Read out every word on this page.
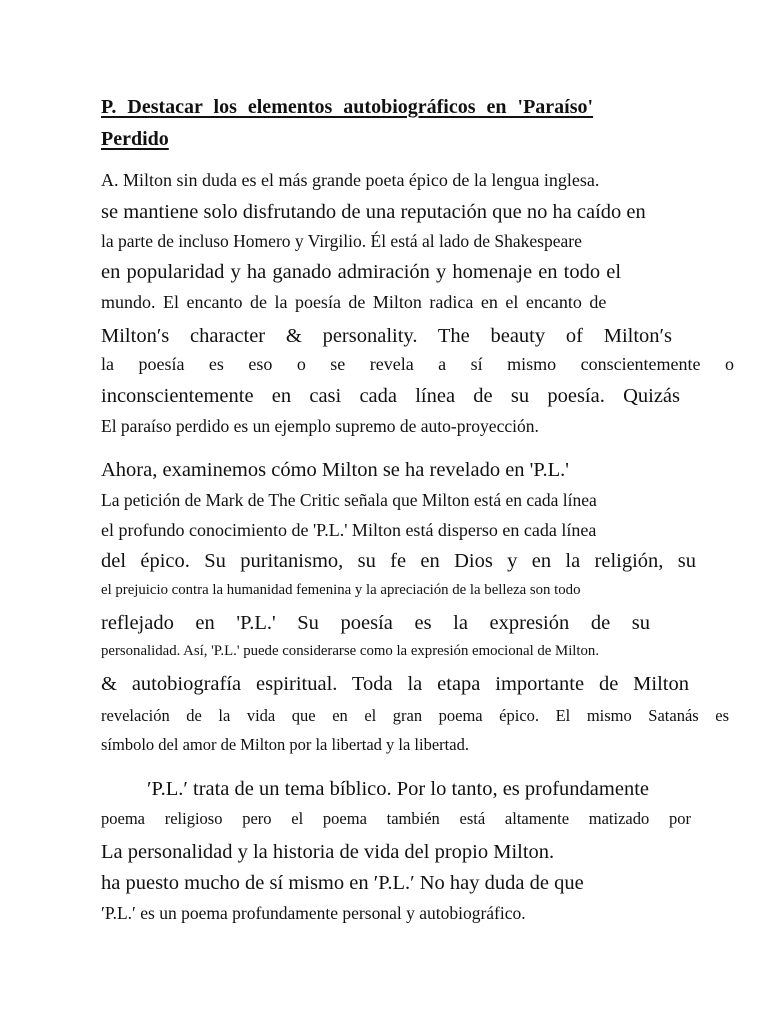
P. Destacar los elementos autobiográficos en 'Paraíso'
Perdido
A. Milton sin duda es el más grande poeta épico de la lengua inglesa.
se mantiene solo disfrutando de una reputación que no ha caído en
la parte de incluso Homero y Virgilio. Él está al lado de Shakespeare
en popularidad y ha ganado admiración y homenaje en todo el
mundo. El encanto de la poesía de Milton radica en el encanto de
Milton′s character & personality. The beauty of Milton′s
la poesía es eso o se revela a sí mismo conscientemente o
inconscientemente en casi cada línea de su poesía. Quizás
El paraíso perdido es un ejemplo supremo de auto-proyección.
Ahora, examinemos cómo Milton se ha revelado en 'P.L.'
La petición de Mark de The Critic señala que Milton está en cada línea
el profundo conocimiento de 'P.L.' Milton está disperso en cada línea
del épico. Su puritanismo, su fe en Dios y en la religión, su
el prejuicio contra la humanidad femenina y la apreciación de la belleza son todo
reflejado en 'P.L.' Su poesía es la expresión de su
personalidad. Así, 'P.L.' puede considerarse como la expresión emocional de Milton.
& autobiografía espiritual. Toda la etapa importante de Milton
revelación de la vida que en el gran poema épico. El mismo Satanás es
símbolo del amor de Milton por la libertad y la libertad.
′P.L.′ trata de un tema bíblico. Por lo tanto, es profundamente
poema religioso pero el poema también está altamente matizado por
La personalidad y la historia de vida del propio Milton.
ha puesto mucho de sí mismo en ′P.L.′ No hay duda de que
′P.L.′ es un poema profundamente personal y autobiográfico.
